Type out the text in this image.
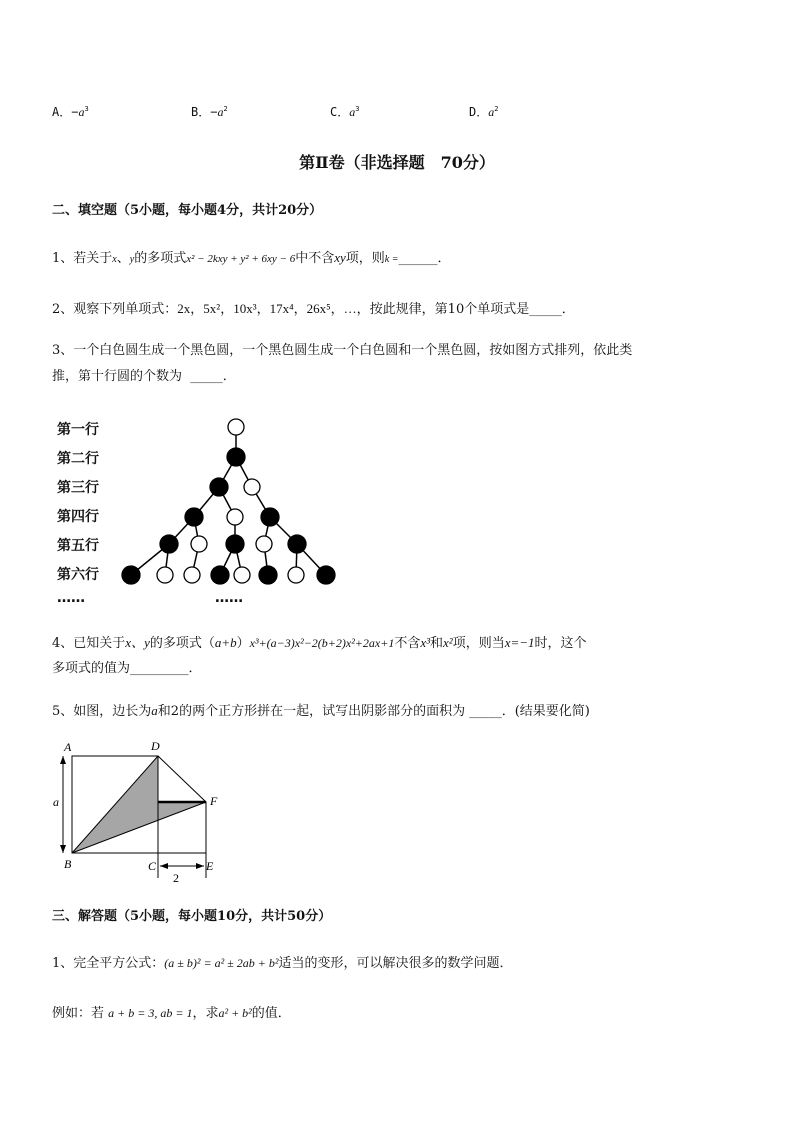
A．$-a^3$	B．$-a^2$	C．$a^3$	D．$a^2$
第Ⅱ卷（非选择题　70分）
二、填空题（5小题，每小题4分，共计20分）
1、若关于x、y的多项式x² − 2kxy + y² + 6xy − 6中不含xy项，则k =______．
2、观察下列单项式：2x，5x²，10x³，17x⁴，26x⁵，…，按此规律，第10个单项式是_____．
3、一个白色圆生成一个黑色圆，一个黑色圆生成一个白色圆和一个黑色圆，按如图方式排列，依此类
推，第十行圆的个数为 _____．
第一行
第二行
第三行
第四行
第五行
第六行
……	……
4、已知关于x、y的多项式（a+b）x³+(a−3)x²−2(b+2)x²+2ax+1不含x³和x²项，则当x=−1时，这个
多项式的值为_________．
5、如图，边长为a和2的两个正方形拼在一起，试写出阴影部分的面积为 _____．(结果要化简)
A	D
F
B	C	E
a
2
三、解答题（5小题，每小题10分，共计50分）
1、完全平方公式：(a ± b)² = a² ± 2ab + b²适当的变形，可以解决很多的数学问题．
例如：若 a + b = 3, ab = 1，求a² + b²的值．
